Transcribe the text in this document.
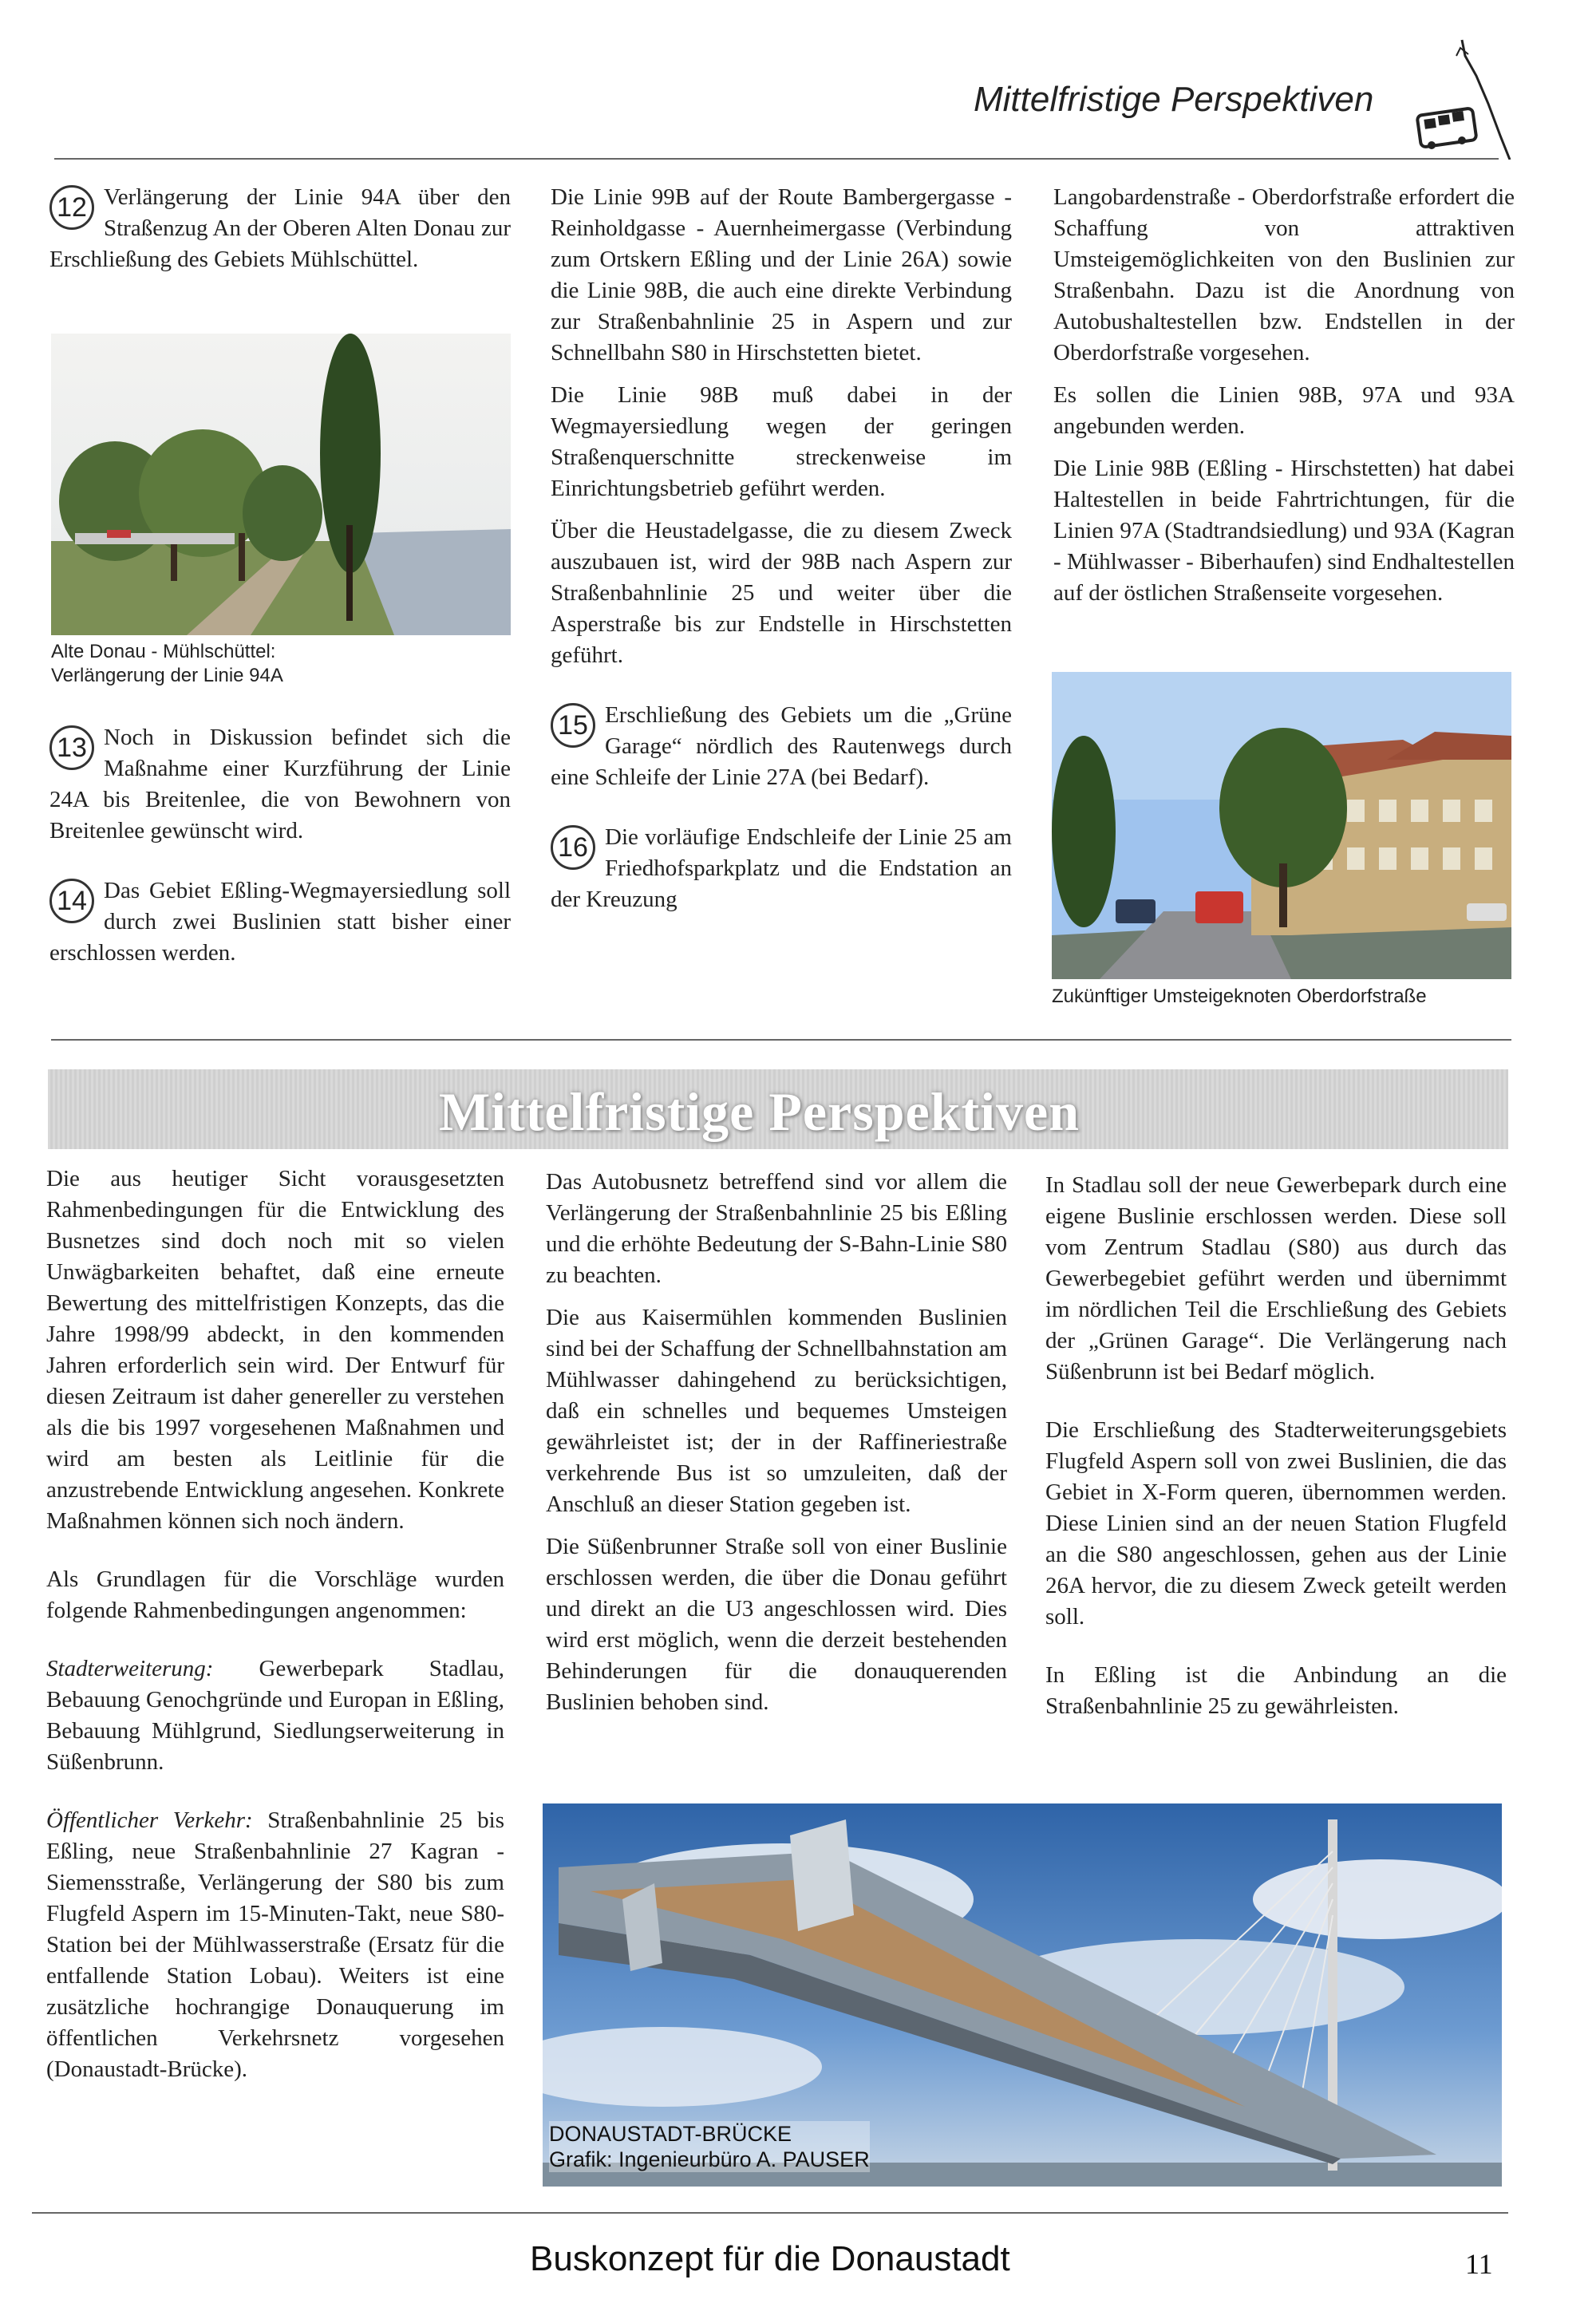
Mittelfristige Perspektiven

12 Verlängerung der Linie 94A über den Straßenzug An der Oberen Alten Donau zur Erschließung des Gebiets Mühlschüttel.

Alte Donau - Mühlschüttel:
Verlängerung der Linie 94A

13 Noch in Diskussion befindet sich die Maßnahme einer Kurzführung der Linie 24A bis Breitenlee, die von Bewohnern von Breitenlee gewünscht wird.

14 Das Gebiet Eßling-Wegmayersiedlung soll durch zwei Buslinien statt bisher einer erschlossen werden.

Die Linie 99B auf der Route Bambergergasse - Reinholdgasse - Auernheimergasse (Verbindung zum Ortskern Eßling und der Linie 26A) sowie die Linie 98B, die auch eine direkte Verbindung zur Straßenbahnlinie 25 in Aspern und zur Schnellbahn S80 in Hirschstetten bietet.

Die Linie 98B muß dabei in der Wegmayersiedlung wegen der geringen Straßenquerschnitte streckenweise im Einrichtungsbetrieb geführt werden.

Über die Heustadelgasse, die zu diesem Zweck auszubauen ist, wird der 98B nach Aspern zur Straßenbahnlinie 25 und weiter über die Asperstraße bis zur Endstelle in Hirschstetten geführt.

15 Erschließung des Gebiets um die „Grüne Garage“ nördlich des Rautenwegs durch eine Schleife der Linie 27A (bei Bedarf).

16 Die vorläufige Endschleife der Linie 25 am Friedhofsparkplatz und die Endstation an der Kreuzung

Langobardenstraße - Oberdorfstraße erfordert die Schaffung von attraktiven Umsteigemöglichkeiten von den Buslinien zur Straßenbahn. Dazu ist die Anordnung von Autobushaltestellen bzw. Endstellen in der Oberdorfstraße vorgesehen.

Es sollen die Linien 98B, 97A und 93A angebunden werden.

Die Linie 98B (Eßling - Hirschstetten) hat dabei Haltestellen in beide Fahrtrichtungen, für die Linien 97A (Stadtrandsiedlung) und 93A (Kagran - Mühlwasser - Biberhaufen) sind Endhaltestellen auf der östlichen Straßenseite vorgesehen.

Zukünftiger Umsteigeknoten Oberdorfstraße
Mittelfristige Perspektiven

Die aus heutiger Sicht vorausgesetzten Rahmenbedingungen für die Entwicklung des Busnetzes sind doch noch mit so vielen Unwägbarkeiten behaftet, daß eine erneute Bewertung des mittelfristigen Konzepts, das die Jahre 1998/99 abdeckt, in den kommenden Jahren erforderlich sein wird. Der Entwurf für diesen Zeitraum ist daher genereller zu verstehen als die bis 1997 vorgesehenen Maßnahmen und wird am besten als Leitlinie für die anzustrebende Entwicklung angesehen. Konkrete Maßnahmen können sich noch ändern.

Als Grundlagen für die Vorschläge wurden folgende Rahmenbedingungen angenommen:

Stadterweiterung: Gewerbepark Stadlau, Bebauung Genochgründe und Europan in Eßling, Bebauung Mühlgrund, Siedlungserweiterung in Süßenbrunn.

Öffentlicher Verkehr: Straßenbahnlinie 25 bis Eßling, neue Straßenbahnlinie 27 Kagran - Siemensstraße, Verlängerung der S80 bis zum Flugfeld Aspern im 15-Minuten-Takt, neue S80-Station bei der Mühlwasserstraße (Ersatz für die entfallende Station Lobau). Weiters ist eine zusätzliche hochrangige Donauquerung im öffentlichen Verkehrsnetz vorgesehen (Donaustadt-Brücke).

Das Autobusnetz betreffend sind vor allem die Verlängerung der Straßenbahnlinie 25 bis Eßling und die erhöhte Bedeutung der S-Bahn-Linie S80 zu beachten.

Die aus Kaisermühlen kommenden Buslinien sind bei der Schaffung der Schnellbahnstation am Mühlwasser dahingehend zu berücksichtigen, daß ein schnelles und bequemes Umsteigen gewährleistet ist; der in der Raffineriestraße verkehrende Bus ist so umzuleiten, daß der Anschluß an dieser Station gegeben ist.

Die Süßenbrunner Straße soll von einer Buslinie erschlossen werden, die über die Donau geführt und direkt an die U3 angeschlossen wird. Dies wird erst möglich, wenn die derzeit bestehenden Behinderungen für die donauquerenden Buslinien behoben sind.

In Stadlau soll der neue Gewerbepark durch eine eigene Buslinie erschlossen werden. Diese soll vom Zentrum Stadlau (S80) aus durch das Gewerbegebiet geführt werden und übernimmt im nördlichen Teil die Erschließung des Gebiets der „Grünen Garage“. Die Verlängerung nach Süßenbrunn ist bei Bedarf möglich.

Die Erschließung des Stadterweiterungsgebiets Flugfeld Aspern soll von zwei Buslinien, die das Gebiet in X-Form queren, übernommen werden. Diese Linien sind an der neuen Station Flugfeld an die S80 angeschlossen, gehen aus der Linie 26A hervor, die zu diesem Zweck geteilt werden soll.

In Eßling ist die Anbindung an die Straßenbahnlinie 25 zu gewährleisten.

DONAUSTADT-BRÜCKE
Grafik: Ingenieurbüro A. PAUSER
Buskonzept für die Donaustadt	11
